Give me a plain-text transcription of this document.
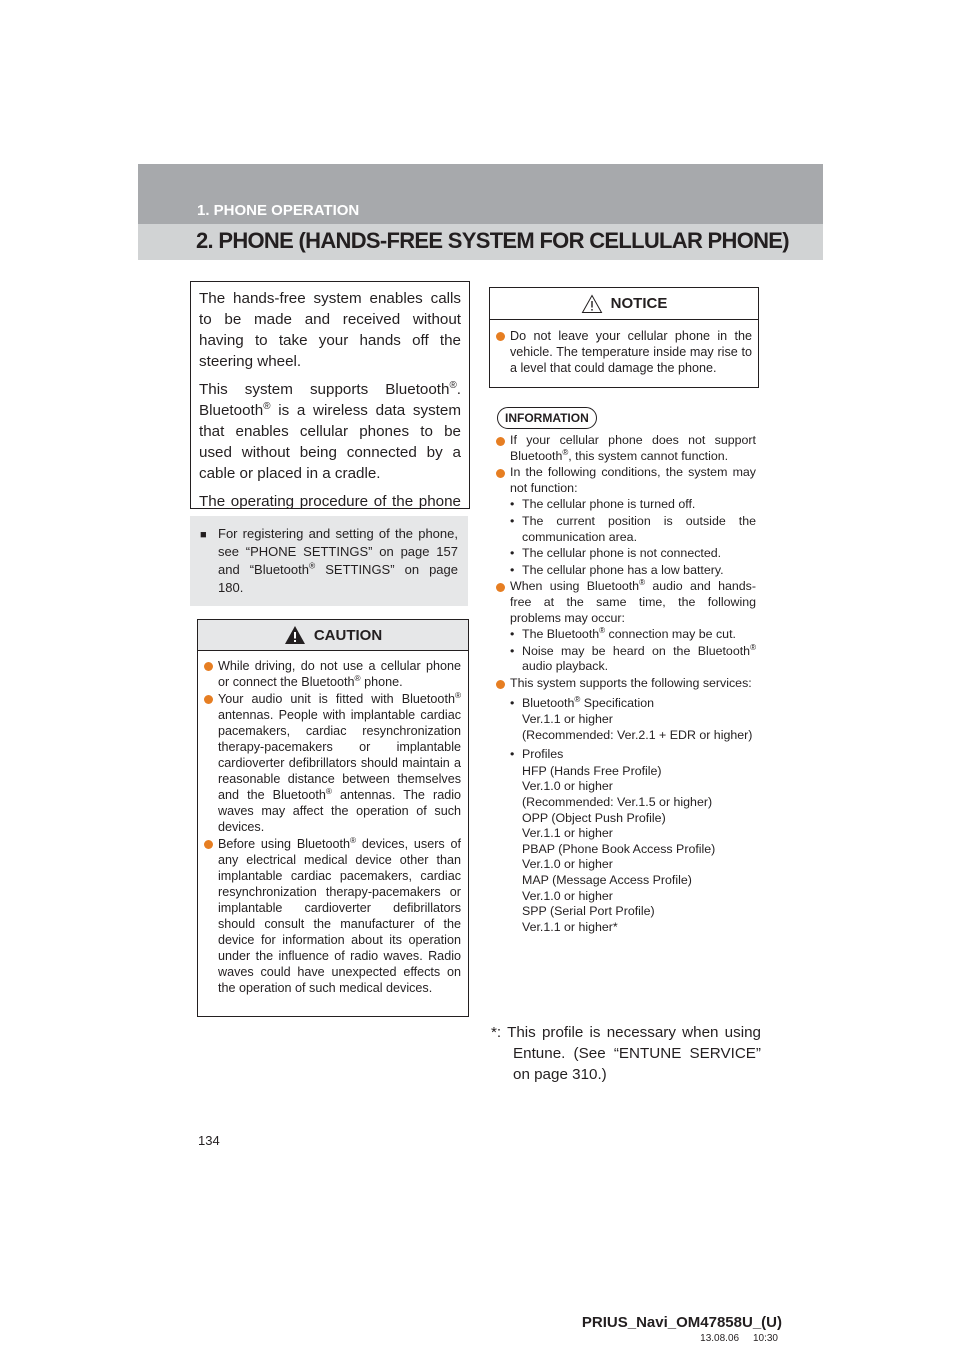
1. PHONE OPERATION
2. PHONE (HANDS-FREE SYSTEM FOR CELLULAR PHONE)

The hands-free system enables calls to be made and received without having to take your hands off the steering wheel.

This system supports Bluetooth®. Bluetooth® is a wireless data system that enables cellular phones to be used without being connected by a cable or placed in a cradle.

The operating procedure of the phone

■ For registering and setting of the phone, see “PHONE SETTINGS” on page 157 and “Bluetooth® SETTINGS” on page 180.
CAUTION
While driving, do not use a cellular phone or connect the Bluetooth® phone.
Your audio unit is fitted with Bluetooth® antennas. People with implantable cardiac pacemakers, cardiac resynchronization therapy-pacemakers or implantable cardioverter defibrillators should maintain a reasonable distance between themselves and the Bluetooth® antennas. The radio waves may affect the operation of such devices.
Before using Bluetooth® devices, users of any electrical medical device other than implantable cardiac pacemakers, cardiac resynchronization therapy-pacemakers or implantable cardioverter defibrillators should consult the manufacturer of the device for information about its operation under the influence of radio waves. Radio waves could have unexpected effects on the operation of such medical devices.
NOTICE
Do not leave your cellular phone in the vehicle. The temperature inside may rise to a level that could damage the phone.
INFORMATION
If your cellular phone does not support Bluetooth®, this system cannot function.
In the following conditions, the system may not function:
• The cellular phone is turned off.
• The current position is outside the communication area.
• The cellular phone is not connected.
• The cellular phone has a low battery.
When using Bluetooth® audio and hands-free at the same time, the following problems may occur:
• The Bluetooth® connection may be cut.
• Noise may be heard on the Bluetooth® audio playback.
This system supports the following services:
• Bluetooth® Specification
Ver.1.1 or higher
(Recommended: Ver.2.1 + EDR or higher)
• Profiles
HFP (Hands Free Profile)
Ver.1.0 or higher
(Recommended: Ver.1.5 or higher)
OPP (Object Push Profile)
Ver.1.1 or higher
PBAP (Phone Book Access Profile)
Ver.1.0 or higher
MAP (Message Access Profile)
Ver.1.0 or higher
SPP (Serial Port Profile)
Ver.1.1 or higher*
*: This profile is necessary when using Entune. (See “ENTUNE SERVICE” on page 310.)
134
PRIUS_Navi_OM47858U_(U)
13.08.06     10:30
